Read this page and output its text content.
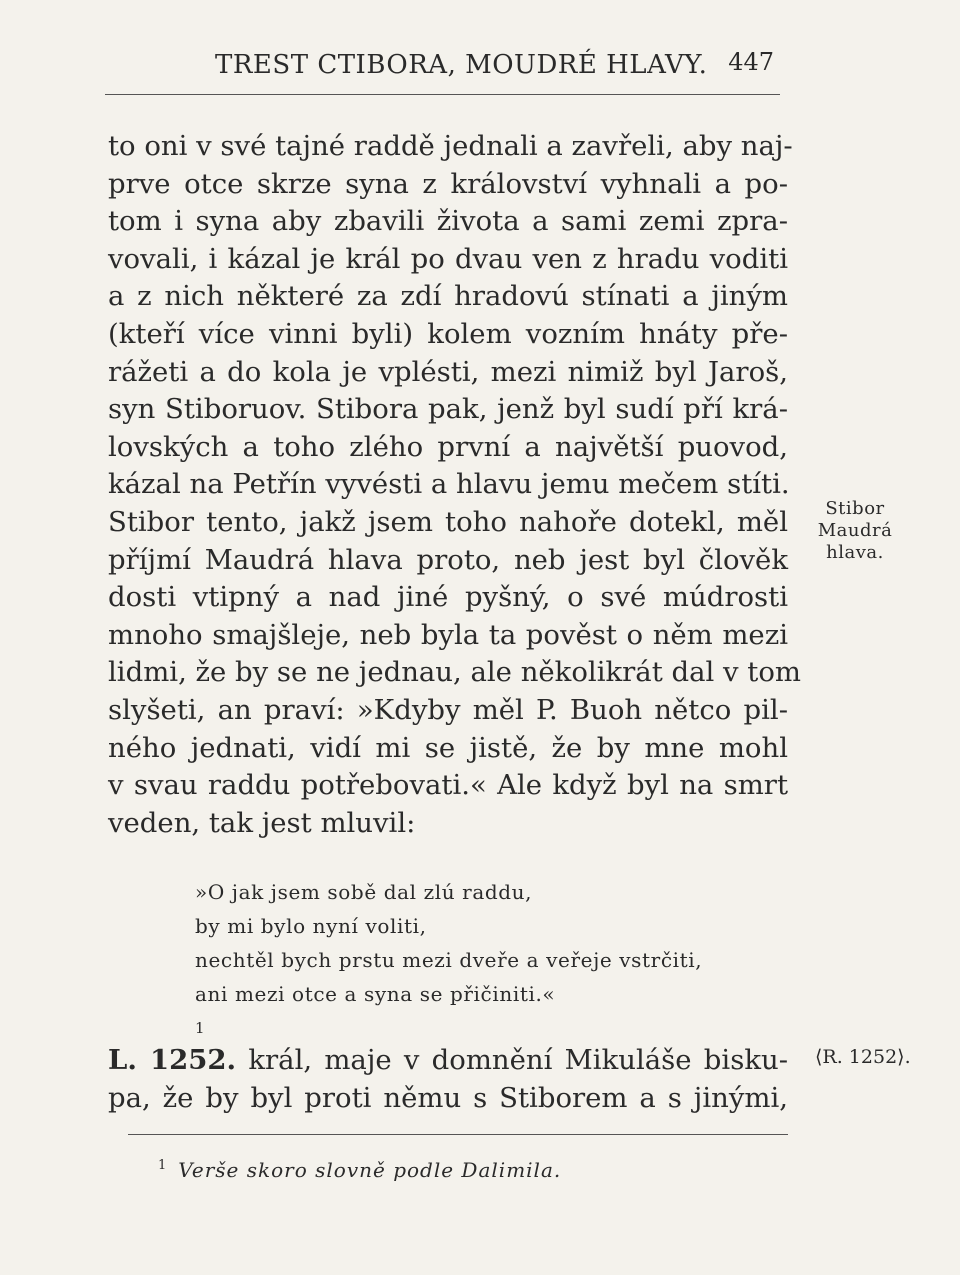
TREST CTIBORA, MOUDRÉ HLAVY. 447
to oni v své tajné raddě jednali a zavřeli, aby naj-
prve otce skrze syna z království vyhnali a po-
tom i syna aby zbavili života a sami zemi zpra-
vovali, i kázal je král po dvau ven z hradu voditi
a z nich některé za zdí hradovú stínati a jiným
(kteří více vinni byli) kolem vozním hnáty pře-
rážeti a do kola je vplésti, mezi nimiž byl Jaroš,
syn Stiboruov. Stibora pak, jenž byl sudí pří krá-
lovských a toho zlého první a najvětší puovod,
kázal na Petřín vyvésti a hlavu jemu mečem stíti.
Stibor tento, jakž jsem toho nahoře dotekl, měl
příjmí Maudrá hlava proto, neb jest byl člověk
dosti vtipný a nad jiné pyšný, o své múdrosti
mnoho smajšleje, neb byla ta pověst o něm mezi
lidmi, že by se ne jednau, ale několikrát dal v tom
slyšeti, an praví: »Kdyby měl P. Buoh nětco pil-
ného jednati, vidí mi se jistě, že by mne mohl
v svau raddu potřebovati.« Ale když byl na smrt
veden, tak jest mluvil:
Stibor
Maudrá
hlava.
»O jak jsem sobě dal zlú raddu,
by mi bylo nyní voliti,
nechtěl bych prstu mezi dveře a veřeje vstrčiti,
ani mezi otce a syna se přičiniti.«
1
L. 1252. král, maje v domnění Mikuláše bisku-
pa, že by byl proti němu s Stiborem a s jinými,
⟨R. 1252⟩.
$^1$ Verše skoro slovně podle Dalimila.
